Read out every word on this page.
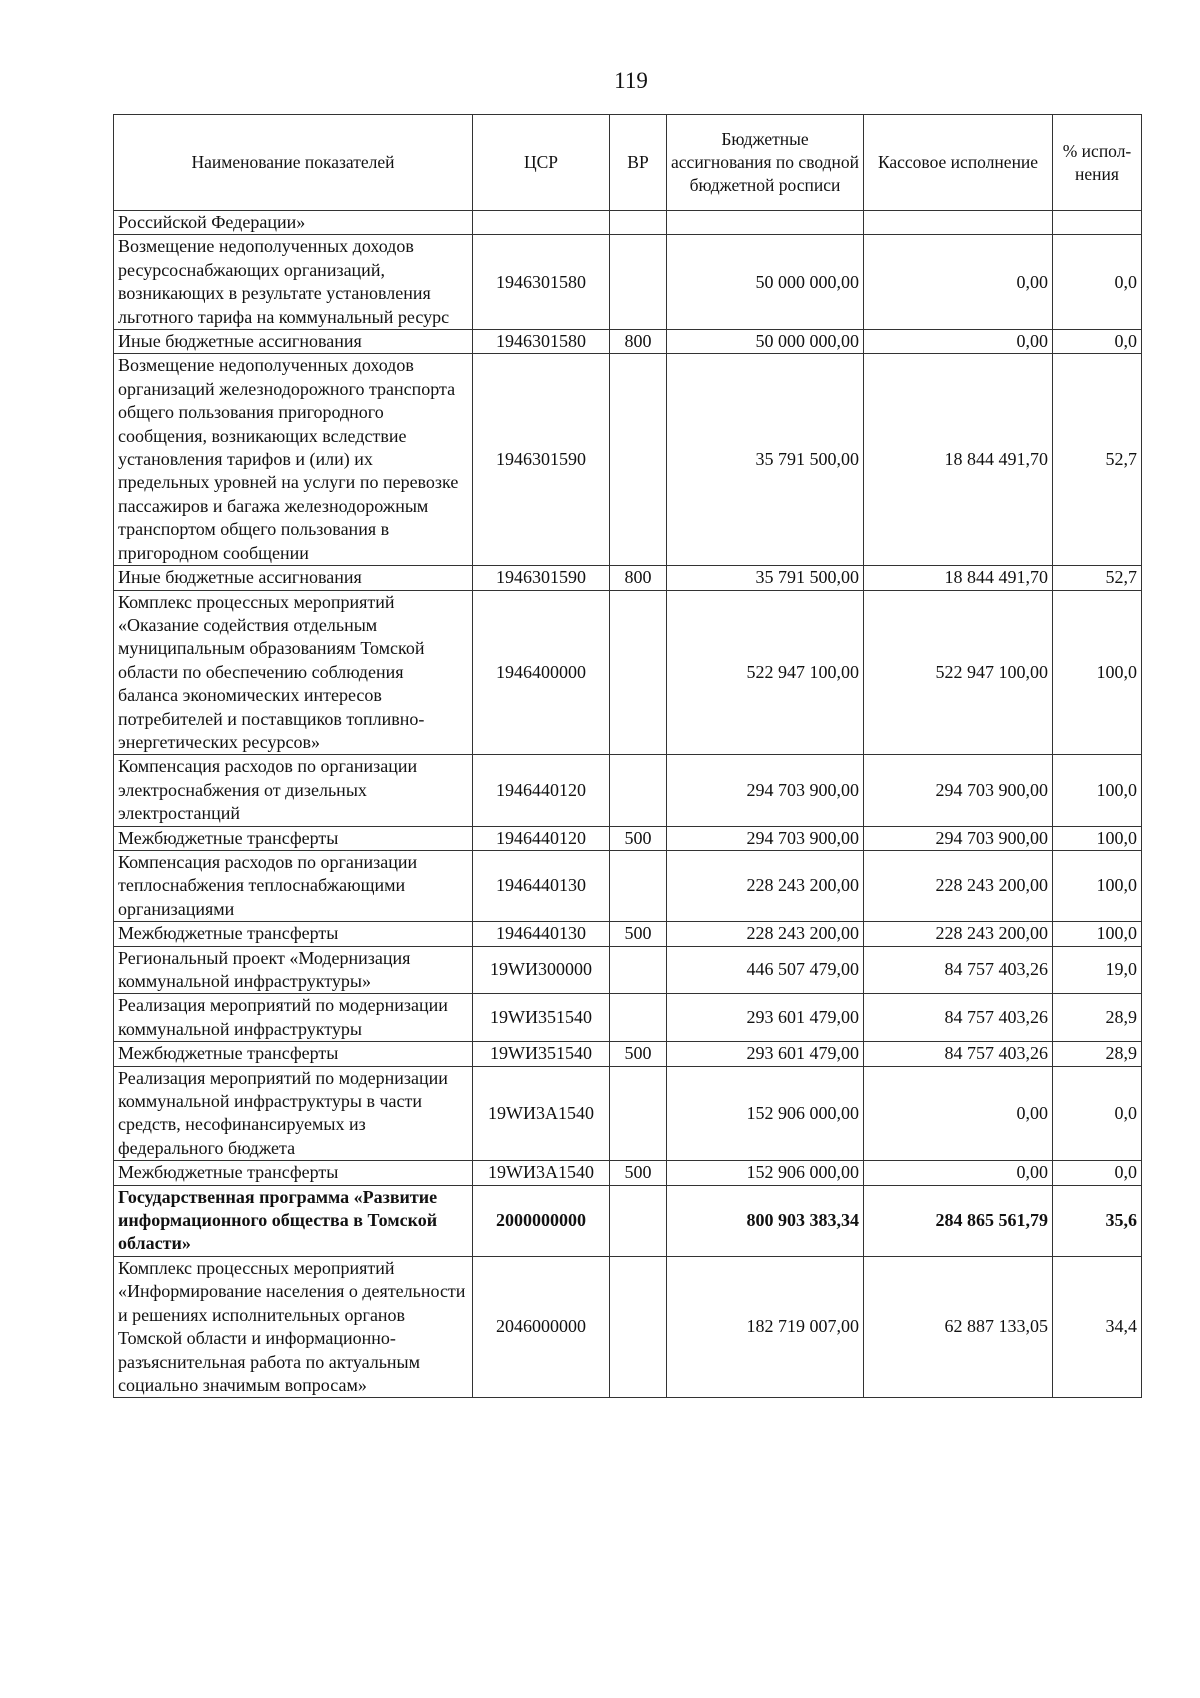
119
Наименование показателей	ЦСР	ВР	Бюджетные ассигнования по сводной бюджетной росписи	Кассовое исполнение	% испол-нения
Российской Федерации»					
Возмещение недополученных доходов ресурсоснабжающих организаций, возникающих в результате установления льготного тарифа на коммунальный ресурс	1946301580		50 000 000,00	0,00	0,0
Иные бюджетные ассигнования	1946301580	800	50 000 000,00	0,00	0,0
Возмещение недополученных доходов организаций железнодорожного транспорта общего пользования пригородного сообщения, возникающих вследствие установления тарифов и (или) их предельных уровней на услуги по перевозке пассажиров и багажа железнодорожным транспортом общего пользования в пригородном сообщении	1946301590		35 791 500,00	18 844 491,70	52,7
Иные бюджетные ассигнования	1946301590	800	35 791 500,00	18 844 491,70	52,7
Комплекс процессных мероприятий «Оказание содействия отдельным муниципальным образованиям Томской области по обеспечению соблюдения баланса экономических интересов потребителей и поставщиков топливно-энергетических ресурсов»	1946400000		522 947 100,00	522 947 100,00	100,0
Компенсация расходов по организации электроснабжения от дизельных электростанций	1946440120		294 703 900,00	294 703 900,00	100,0
Межбюджетные трансферты	1946440120	500	294 703 900,00	294 703 900,00	100,0
Компенсация расходов по организации теплоснабжения теплоснабжающими организациями	1946440130		228 243 200,00	228 243 200,00	100,0
Межбюджетные трансферты	1946440130	500	228 243 200,00	228 243 200,00	100,0
Региональный проект «Модернизация коммунальной инфраструктуры»	19WИ300000		446 507 479,00	84 757 403,26	19,0
Реализация мероприятий по модернизации коммунальной инфраструктуры	19WИ351540		293 601 479,00	84 757 403,26	28,9
Межбюджетные трансферты	19WИ351540	500	293 601 479,00	84 757 403,26	28,9
Реализация мероприятий по модернизации коммунальной инфраструктуры в части средств, несофинансируемых из федерального бюджета	19WИ3А1540		152 906 000,00	0,00	0,0
Межбюджетные трансферты	19WИ3А1540	500	152 906 000,00	0,00	0,0
Государственная программа «Развитие информационного общества в Томской области»	2000000000		800 903 383,34	284 865 561,79	35,6
Комплекс процессных мероприятий «Информирование населения о деятельности и решениях исполнительных органов Томской области и информационно-разъяснительная работа по актуальным социально значимым вопросам»	2046000000		182 719 007,00	62 887 133,05	34,4
